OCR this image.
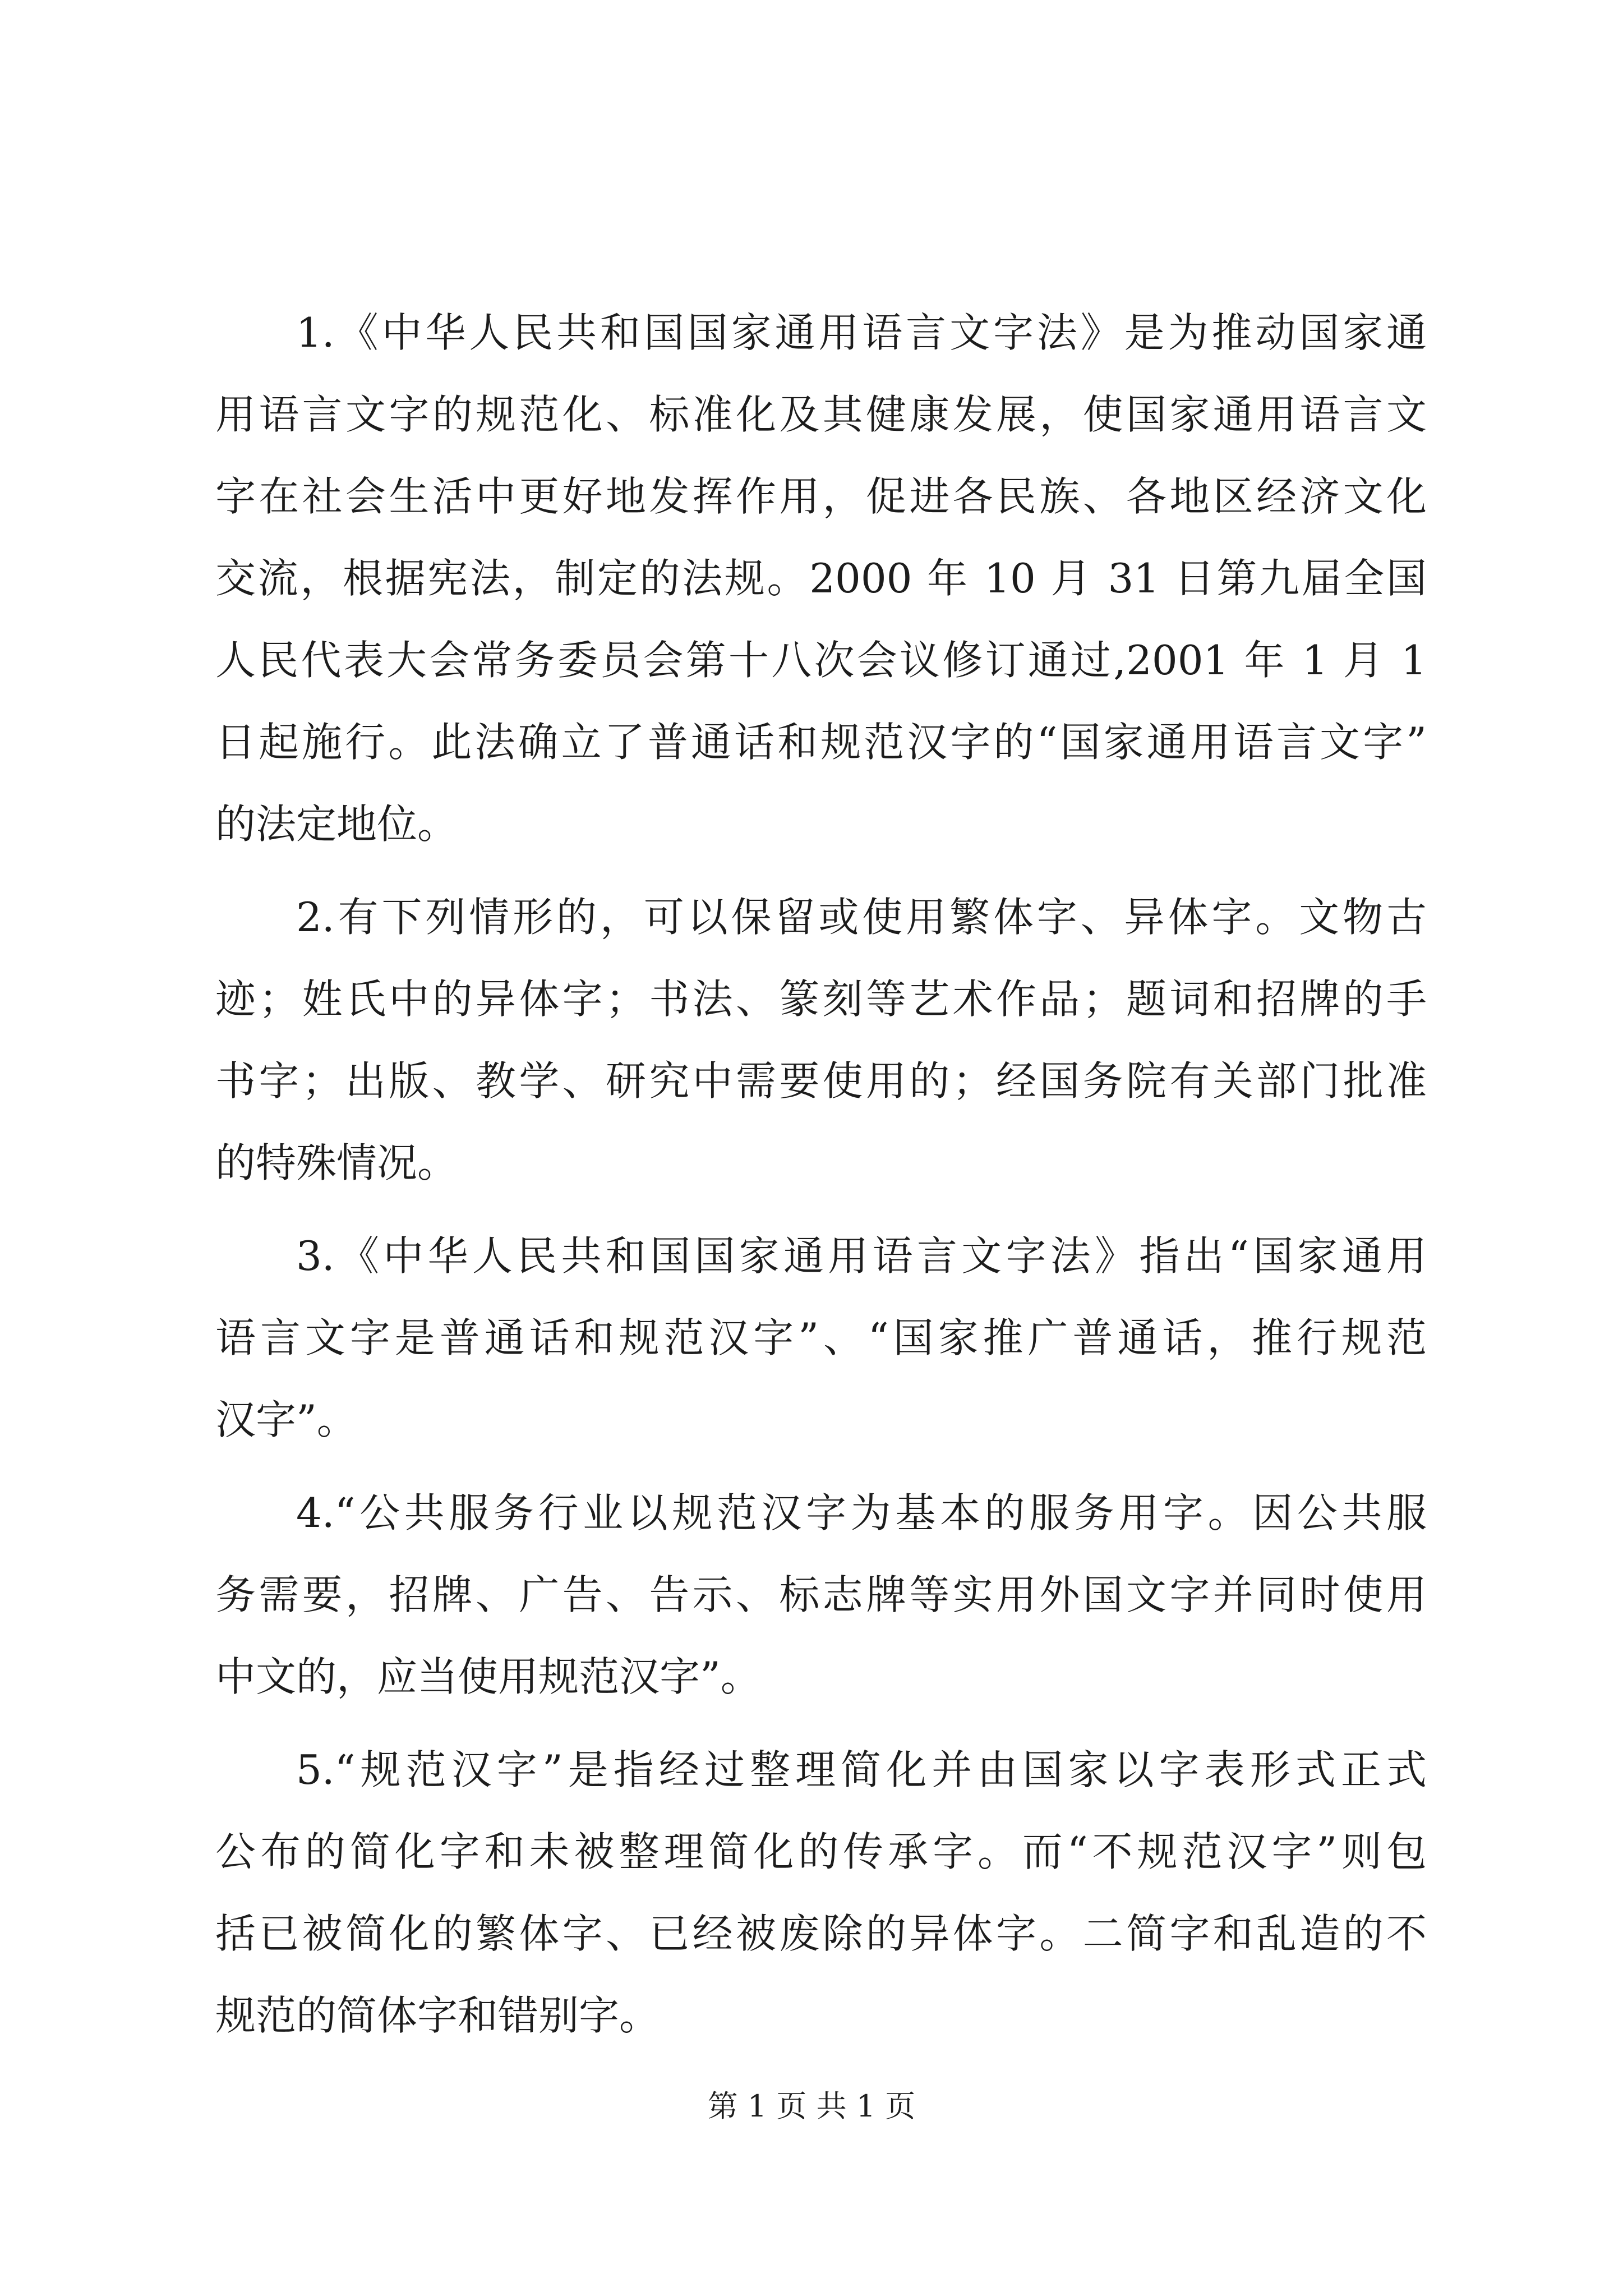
1.《中华人民共和国国家通用语言文字法》是为推动国家通
用语言文字的规范化、标准化及其健康发展，使国家通用语言文
字在社会生活中更好地发挥作用，促进各民族、各地区经济文化
交流，根据宪法，制定的法规。2000 年 10 月 31 日第九届全国
人民代表大会常务委员会第十八次会议修订通过,2001 年 1 月 1
日起施行。此法确立了普通话和规范汉字的“国家通用语言文字”
的法定地位。
2.有下列情形的，可以保留或使用繁体字、异体字。文物古
迹；姓氏中的异体字；书法、篆刻等艺术作品；题词和招牌的手
书字；出版、教学、研究中需要使用的；经国务院有关部门批准
的特殊情况。
3.《中华人民共和国国家通用语言文字法》指出“国家通用
语言文字是普通话和规范汉字”、“国家推广普通话，推行规范
汉字”。
4.“公共服务行业以规范汉字为基本的服务用字。因公共服
务需要，招牌、广告、告示、标志牌等实用外国文字并同时使用
中文的，应当使用规范汉字”。
5.“规范汉字”是指经过整理简化并由国家以字表形式正式
公布的简化字和未被整理简化的传承字。而“不规范汉字”则包
括已被简化的繁体字、已经被废除的异体字。二简字和乱造的不
规范的简体字和错别字。
第 1 页 共 1 页
